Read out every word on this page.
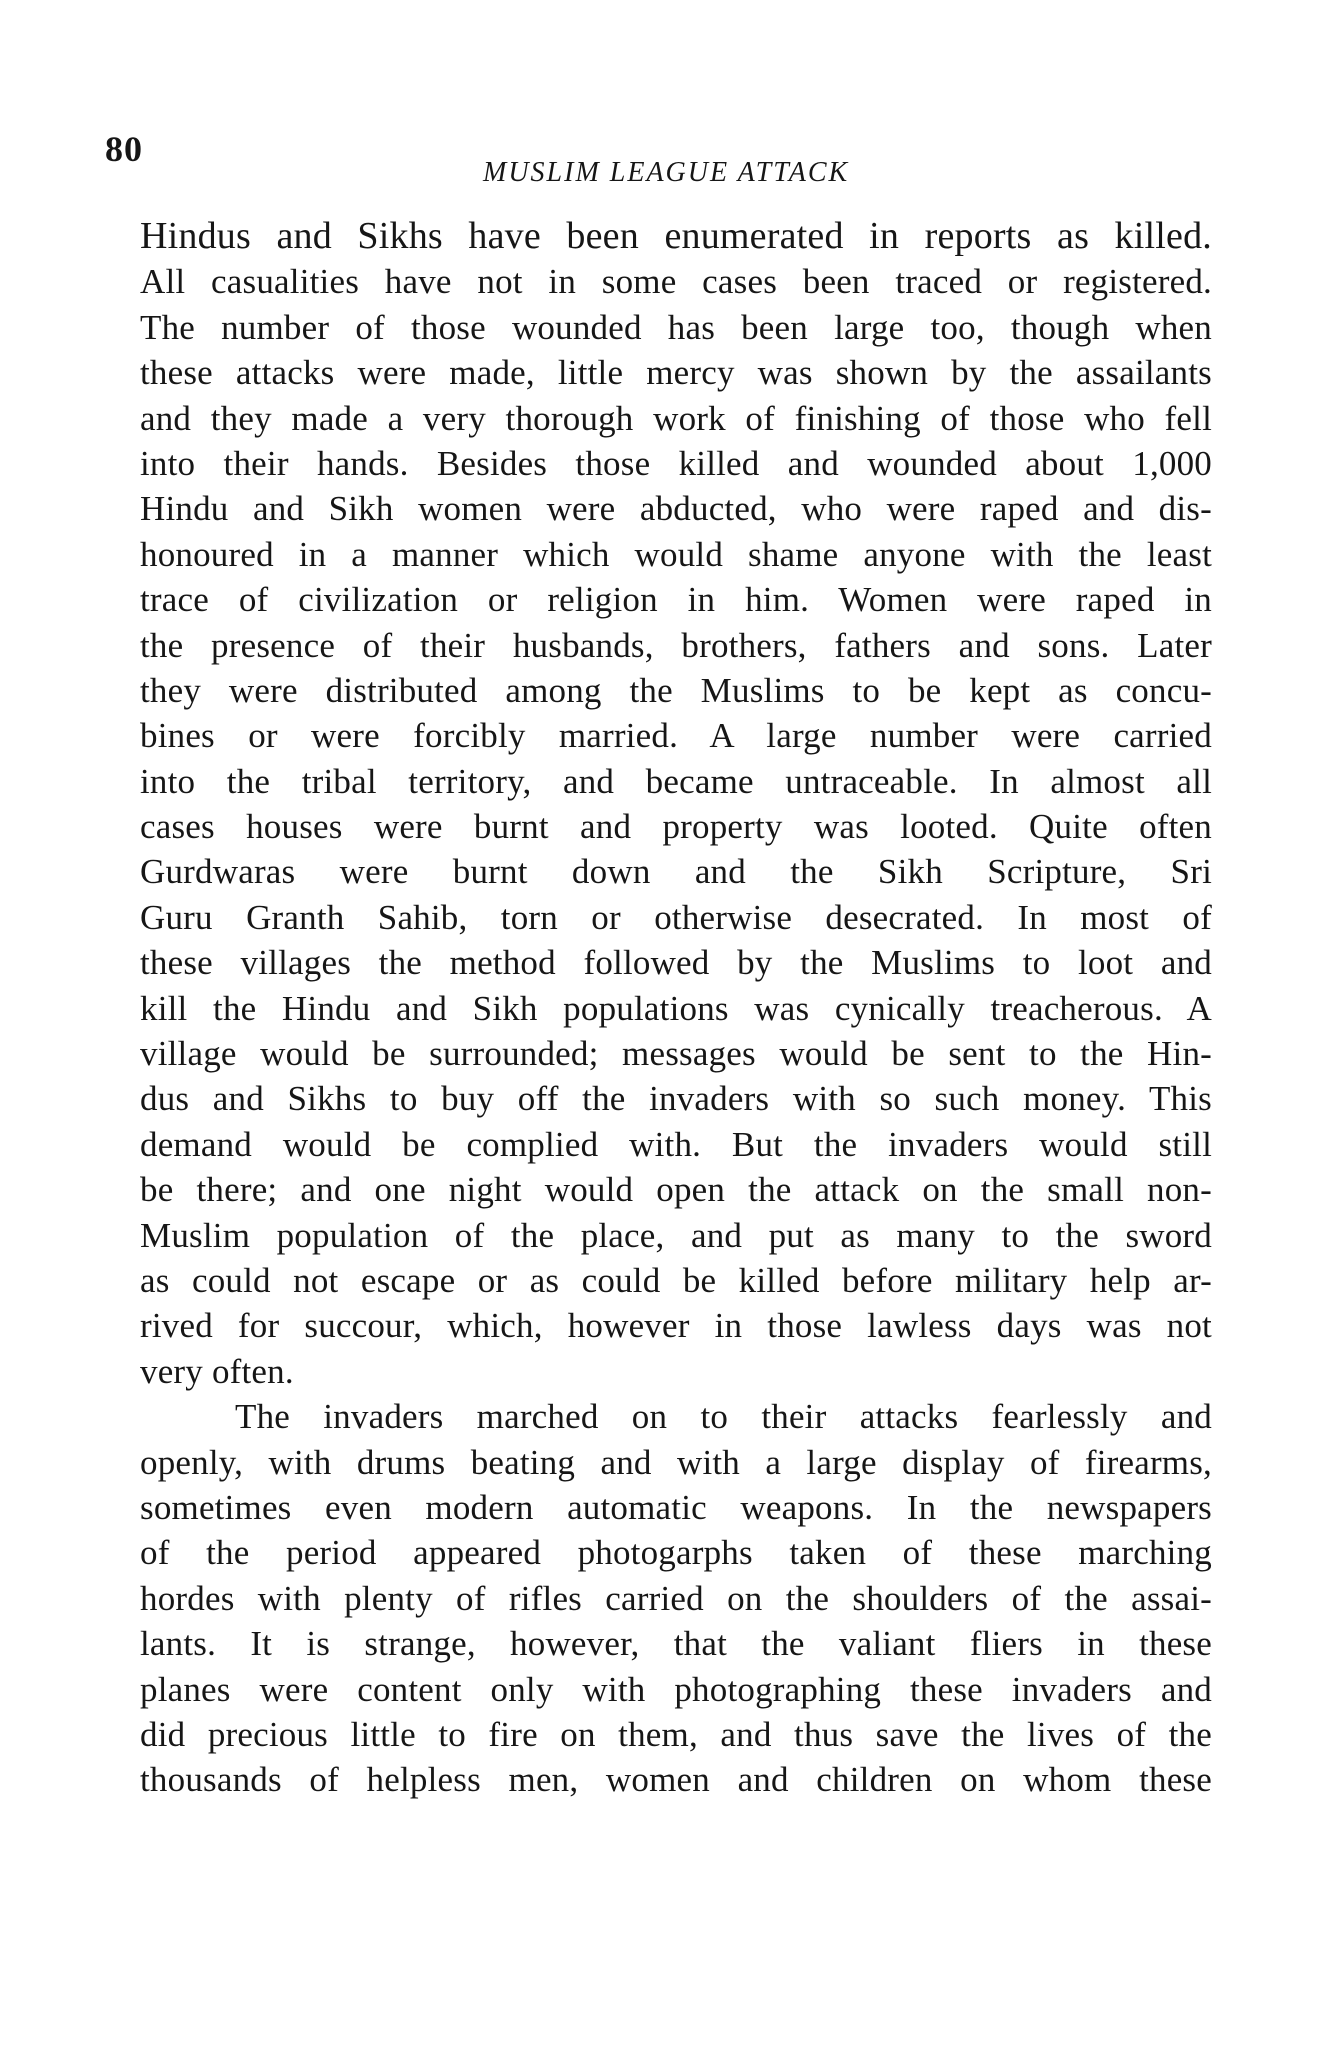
80
MUSLIM LEAGUE ATTACK
Hindus and Sikhs have been enumerated in reports as killed.
All casualities have not in some cases been traced or registered.
The number of those wounded has been large too, though when
these attacks were made, little mercy was shown by the assailants
and they made a very thorough work of finishing of those who fell
into their hands. Besides those killed and wounded about 1,000
Hindu and Sikh women were abducted, who were raped and dis-
honoured in a manner which would shame anyone with the least
trace of civilization or religion in him. Women were raped in
the presence of their husbands, brothers, fathers and sons. Later
they were distributed among the Muslims to be kept as concu-
bines or were forcibly married. A large number were carried
into the tribal territory, and became untraceable. In almost all
cases houses were burnt and property was looted. Quite often
Gurdwaras were burnt down and the Sikh Scripture, Sri
Guru Granth Sahib, torn or otherwise desecrated. In most of
these villages the method followed by the Muslims to loot and
kill the Hindu and Sikh populations was cynically treacherous. A
village would be surrounded; messages would be sent to the Hin-
dus and Sikhs to buy off the invaders with so such money. This
demand would be complied with. But the invaders would still
be there; and one night would open the attack on the small non-
Muslim population of the place, and put as many to the sword
as could not escape or as could be killed before military help ar-
rived for succour, which, however in those lawless days was not
very often.
The invaders marched on to their attacks fearlessly and
openly, with drums beating and with a large display of firearms,
sometimes even modern automatic weapons. In the newspapers
of the period appeared photogarphs taken of these marching
hordes with plenty of rifles carried on the shoulders of the assai-
lants. It is strange, however, that the valiant fliers in these
planes were content only with photographing these invaders and
did precious little to fire on them, and thus save the lives of the
thousands of helpless men, women and children on whom these
